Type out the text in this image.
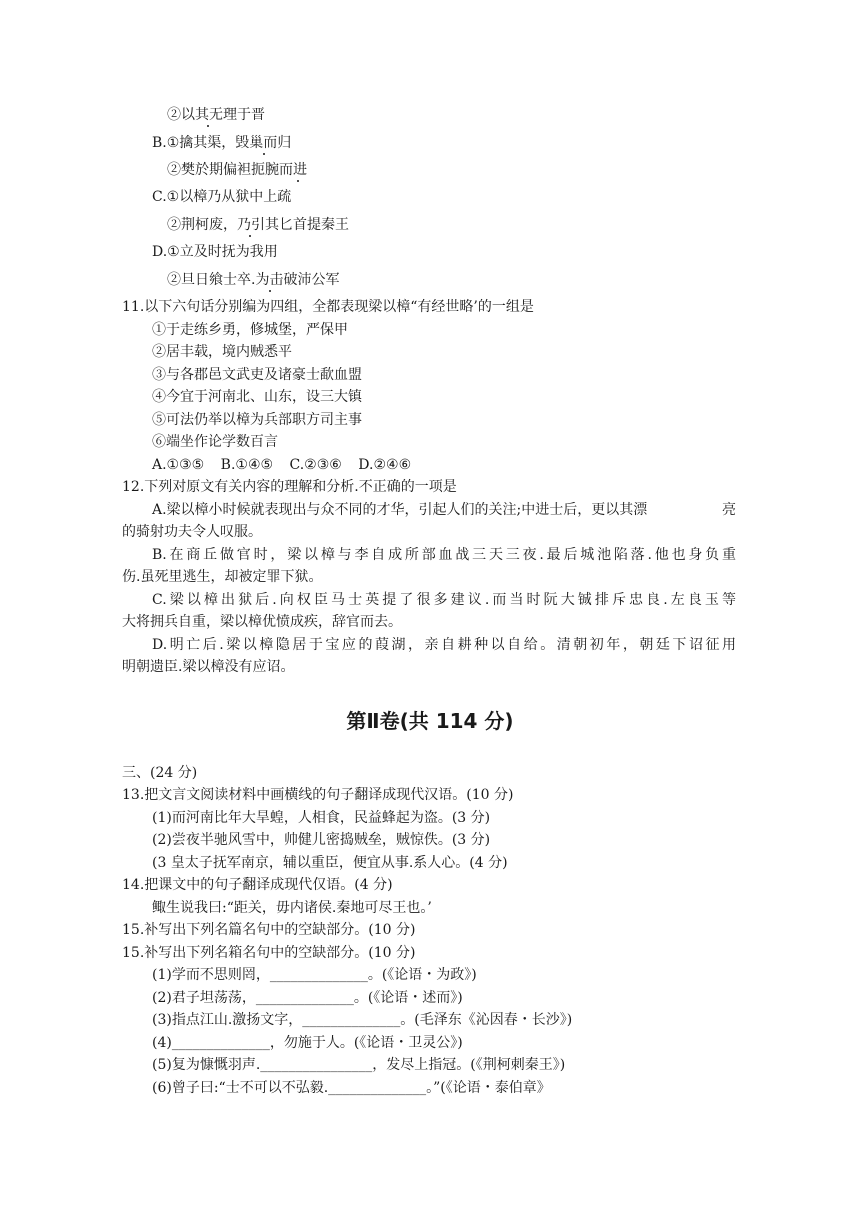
②以其无理于晋
B.①擒其渠，毁巢而归
②樊於期偏袒扼腕而进
C.①以樟乃从狱中上疏
②荆柯废，乃引其匕首提秦王
D.①立及时抚为我用
②旦日飨士卒.为击破沛公军
11.以下六句话分别编为四组，全都表现梁以樟“有经世略’的一组是
①于走练乡勇，修城堡，严保甲
②居丰载，境内贼悉平
③与各郡邑文武吏及诸豪士歃血盟
④今宜于河南北、山东，设三大镇
⑤可法仍举以樟为兵部职方司主事
⑥端坐作论学数百言
A.①③⑤ B.①④⑤ C.②③⑥ D.②④⑥
12.下列对原文有关内容的理解和分析.不正确的一项是
A.梁以樟小时候就表现出与众不同的才华，引起人们的关注;中进士后，更以其漂	亮
的骑射功夫令人叹服。
B.在商丘做官时，梁以樟与李自成所部血战三天三夜.最后城池陷落.他也身负重
伤.虽死里逃生，却被定罪下狱。
C.梁以樟出狱后.向权臣马士英提了很多建议.而当时阮大铖排斥忠良.左良玉等
大将拥兵自重，梁以樟优愤成疾，辞官而去。
D.明亡后.梁以樟隐居于宝应的葭湖，亲自耕种以自给。清朝初年，朝廷下诏征用
明朝遗臣.梁以樟没有应诏。
第Ⅱ卷(共 114 分)
三、(24 分)
13.把文言文阅读材料中画横线的句子翻译成现代汉语。(10 分)
(1)而河南比年大旱蝗，人相食，民益蜂起为盗。(3 分)
(2)尝夜半驰风雪中，帅健儿密捣贼垒，贼惊佚。(3 分)
(3 皇太子抚军南京，辅以重臣，便宜从事.系人心。(4 分)
14.把课文中的句子翻译成现代仅语。(4 分)
鲰生说我曰:“距关，毋内诸侯.秦地可尽王也。’
15.补写出下列名篇名句中的空缺部分。(10 分)
15.补写出下列名箱名句中的空缺部分。(10 分)
(1)学而不思则罔，______________。(《论语・为政》)
(2)君子坦荡荡，______________。(《论语・述而》)
(3)指点江山.激扬文字，______________。(毛泽东《沁因春・长沙》)
(4)______________，勿施于人。(《论语・卫灵公》)
(5)复为慷慨羽声.________________，发尽上指冠。(《荆柯刺秦王》)
(6)曾子曰:“士不可以不弘毅.______________。”(《论语・泰伯章》
